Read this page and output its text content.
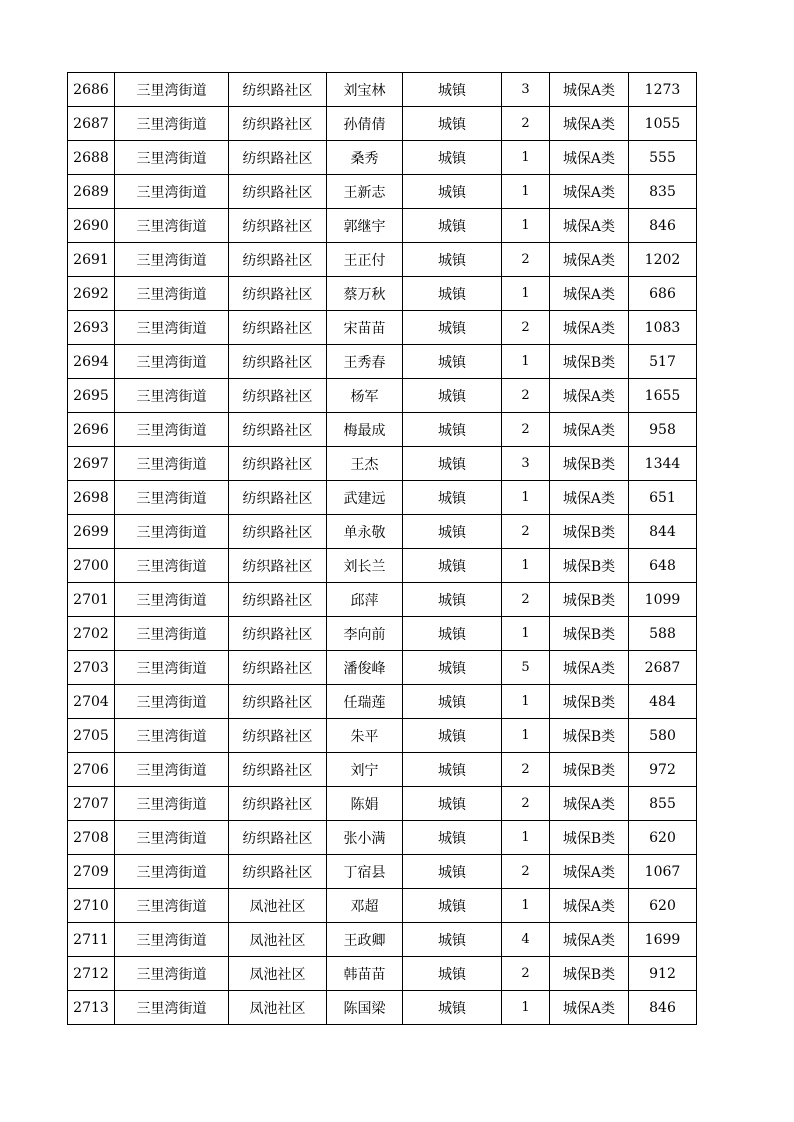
2686	三里湾街道	纺织路社区	刘宝林	城镇	3	城保A类	1273
2687	三里湾街道	纺织路社区	孙倩倩	城镇	2	城保A类	1055
2688	三里湾街道	纺织路社区	桑秀	城镇	1	城保A类	555
2689	三里湾街道	纺织路社区	王新志	城镇	1	城保A类	835
2690	三里湾街道	纺织路社区	郭继宇	城镇	1	城保A类	846
2691	三里湾街道	纺织路社区	王正付	城镇	2	城保A类	1202
2692	三里湾街道	纺织路社区	蔡万秋	城镇	1	城保A类	686
2693	三里湾街道	纺织路社区	宋苗苗	城镇	2	城保A类	1083
2694	三里湾街道	纺织路社区	王秀春	城镇	1	城保B类	517
2695	三里湾街道	纺织路社区	杨军	城镇	2	城保A类	1655
2696	三里湾街道	纺织路社区	梅最成	城镇	2	城保A类	958
2697	三里湾街道	纺织路社区	王杰	城镇	3	城保B类	1344
2698	三里湾街道	纺织路社区	武建远	城镇	1	城保A类	651
2699	三里湾街道	纺织路社区	单永敬	城镇	2	城保B类	844
2700	三里湾街道	纺织路社区	刘长兰	城镇	1	城保B类	648
2701	三里湾街道	纺织路社区	邱萍	城镇	2	城保B类	1099
2702	三里湾街道	纺织路社区	李向前	城镇	1	城保B类	588
2703	三里湾街道	纺织路社区	潘俊峰	城镇	5	城保A类	2687
2704	三里湾街道	纺织路社区	任瑞莲	城镇	1	城保B类	484
2705	三里湾街道	纺织路社区	朱平	城镇	1	城保B类	580
2706	三里湾街道	纺织路社区	刘宁	城镇	2	城保B类	972
2707	三里湾街道	纺织路社区	陈娟	城镇	2	城保A类	855
2708	三里湾街道	纺织路社区	张小满	城镇	1	城保B类	620
2709	三里湾街道	纺织路社区	丁宿县	城镇	2	城保A类	1067
2710	三里湾街道	凤池社区	邓超	城镇	1	城保A类	620
2711	三里湾街道	凤池社区	王政卿	城镇	4	城保A类	1699
2712	三里湾街道	凤池社区	韩苗苗	城镇	2	城保B类	912
2713	三里湾街道	凤池社区	陈国梁	城镇	1	城保A类	846
